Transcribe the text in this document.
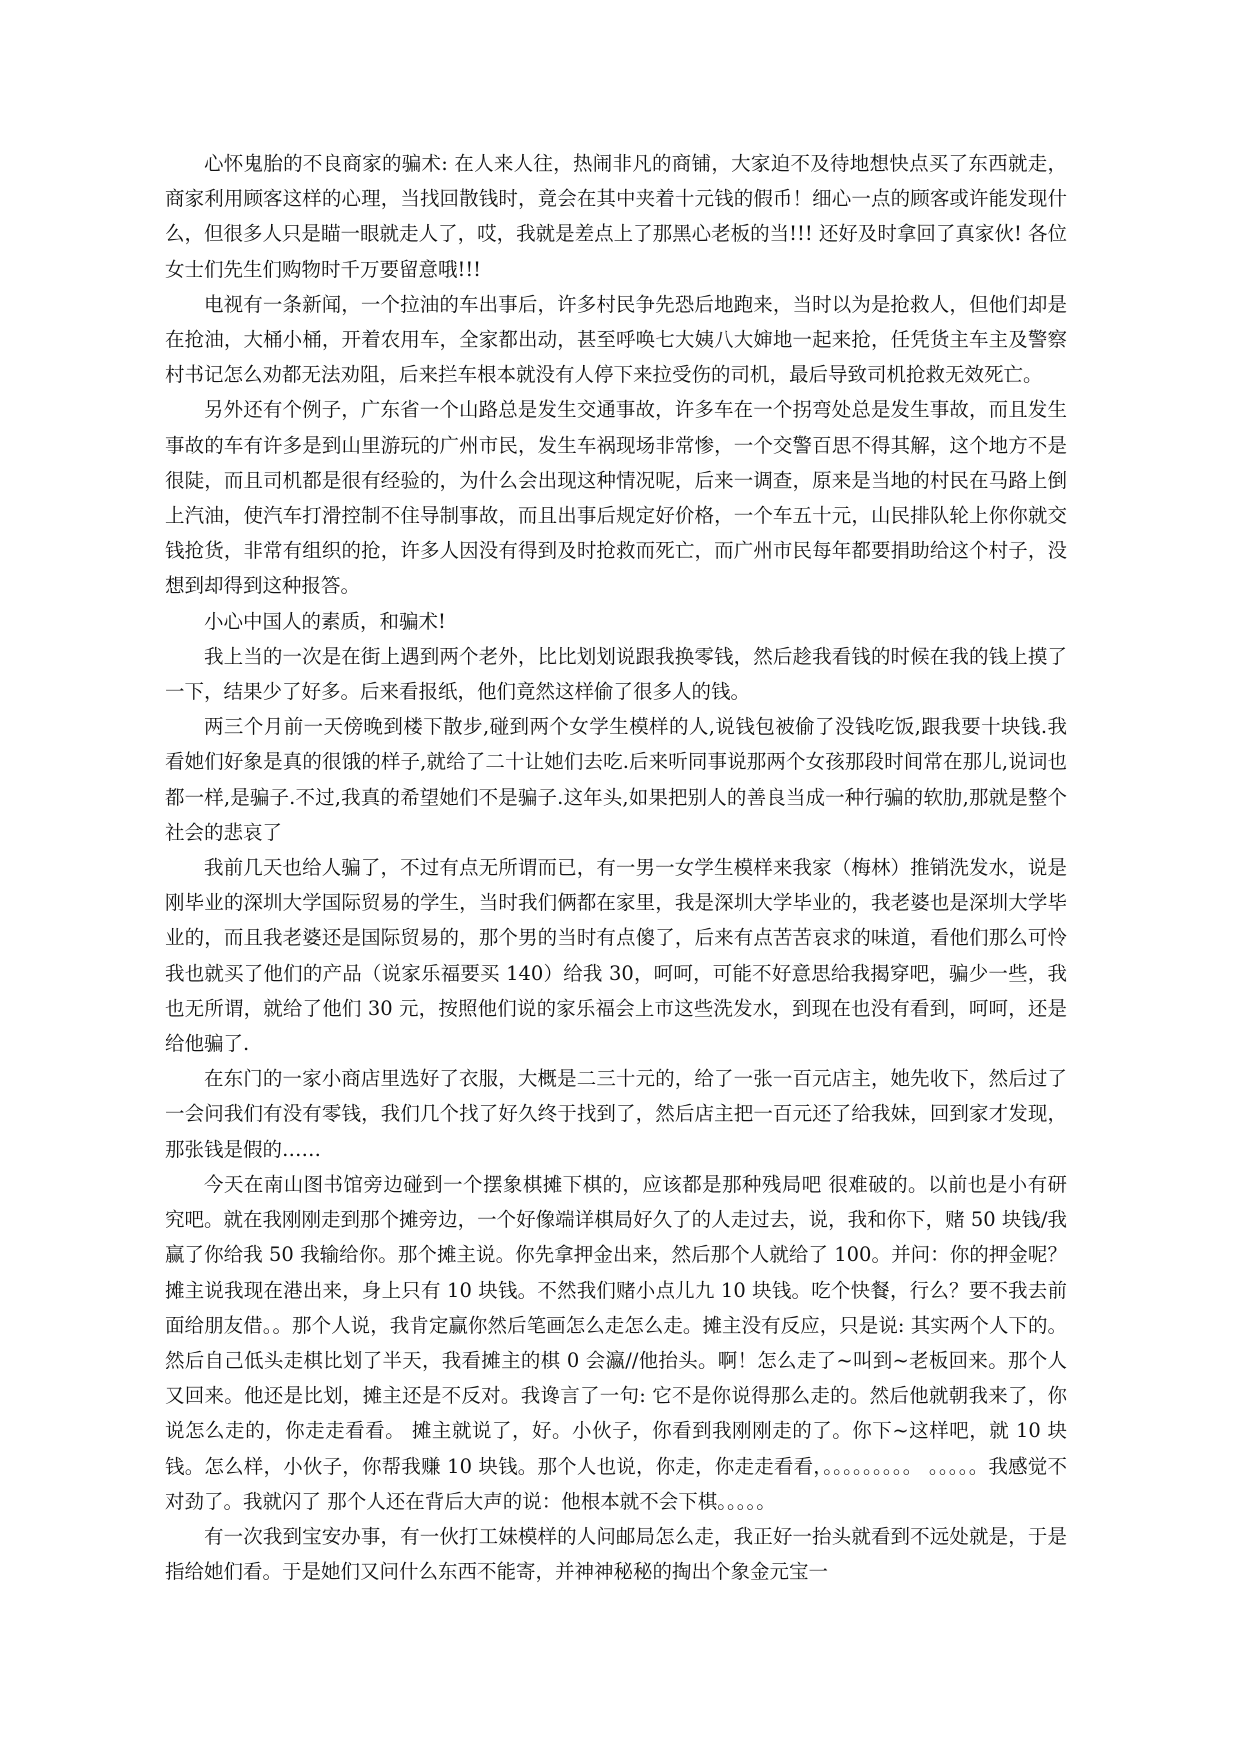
心怀鬼胎的不良商家的骗术: 在人来人往，热闹非凡的商铺，大家迫不及待地想快点买了东西就走，商家利用顾客这样的心理，当找回散钱时，竟会在其中夹着十元钱的假币！细心一点的顾客或许能发现什么，但很多人只是瞄一眼就走人了，哎，我就是差点上了那黑心老板的当!!! 还好及时拿回了真家伙! 各位女士们先生们购物时千万要留意哦!!!

电视有一条新闻，一个拉油的车出事后，许多村民争先恐后地跑来，当时以为是抢救人，但他们却是在抢油，大桶小桶，开着农用车，全家都出动，甚至呼唤七大姨八大婶地一起来抢，任凭货主车主及警察村书记怎么劝都无法劝阻，后来拦车根本就没有人停下来拉受伤的司机，最后导致司机抢救无效死亡。

另外还有个例子，广东省一个山路总是发生交通事故，许多车在一个拐弯处总是发生事故，而且发生事故的车有许多是到山里游玩的广州市民，发生车祸现场非常惨，一个交警百思不得其解，这个地方不是很陡，而且司机都是很有经验的，为什么会出现这种情况呢，后来一调查，原来是当地的村民在马路上倒上汽油，使汽车打滑控制不住导制事故，而且出事后规定好价格，一个车五十元，山民排队轮上你你就交钱抢货，非常有组织的抢，许多人因没有得到及时抢救而死亡，而广州市民每年都要捐助给这个村子，没想到却得到这种报答。

小心中国人的素质，和骗术!

我上当的一次是在街上遇到两个老外，比比划划说跟我换零钱，然后趁我看钱的时候在我的钱上摸了一下，结果少了好多。后来看报纸，他们竟然这样偷了很多人的钱。

两三个月前一天傍晚到楼下散步,碰到两个女学生模样的人,说钱包被偷了没钱吃饭,跟我要十块钱.我看她们好象是真的很饿的样子,就给了二十让她们去吃.后来听同事说那两个女孩那段时间常在那儿,说词也都一样,是骗子.不过,我真的希望她们不是骗子.这年头,如果把别人的善良当成一种行骗的软肋,那就是整个社会的悲哀了

我前几天也给人骗了，不过有点无所谓而已，有一男一女学生模样来我家（梅林）推销洗发水，说是刚毕业的深圳大学国际贸易的学生，当时我们俩都在家里，我是深圳大学毕业的，我老婆也是深圳大学毕业的，而且我老婆还是国际贸易的，那个男的当时有点傻了，后来有点苦苦哀求的味道，看他们那么可怜我也就买了他们的产品（说家乐福要买 140）给我 30，呵呵，可能不好意思给我揭穿吧，骗少一些，我也无所谓，就给了他们 30 元，按照他们说的家乐福会上市这些洗发水，到现在也没有看到，呵呵，还是给他骗了.

在东门的一家小商店里选好了衣服，大概是二三十元的，给了一张一百元店主，她先收下，然后过了一会问我们有没有零钱，我们几个找了好久终于找到了，然后店主把一百元还了给我妹，回到家才发现，那张钱是假的……

今天在南山图书馆旁边碰到一个摆象棋摊下棋的，应该都是那种残局吧 很难破的。以前也是小有研究吧。就在我刚刚走到那个摊旁边，一个好像端详棋局好久了的人走过去，说，我和你下，赌 50 块钱/我赢了你给我 50 我输给你。那个摊主说。你先拿押金出来，然后那个人就给了 100。并问：你的押金呢？摊主说我现在港出来，身上只有 10 块钱。不然我们赌小点儿九 10 块钱。吃个快餐，行么？要不我去前面给朋友借。。那个人说，我肯定赢你然后笔画怎么走怎么走。摊主没有反应，只是说: 其实两个人下的。然后自己低头走棋比划了半天，我看摊主的棋 0 会瀛//他抬头。啊！怎么走了~叫到~老板回来。那个人又回来。他还是比划，摊主还是不反对。我谗言了一句: 它不是你说得那么走的。然后他就朝我来了，你说怎么走的，你走走看看。 摊主就说了，好。小伙子，你看到我刚刚走的了。你下~这样吧，就 10 块钱。怎么样，小伙子，你帮我赚 10 块钱。那个人也说，你走，你走走看看，。。。。。。。。。 。。。。。我感觉不对劲了。我就闪了 那个人还在背后大声的说：他根本就不会下棋。。。。。

有一次我到宝安办事，有一伙打工妹模样的人问邮局怎么走，我正好一抬头就看到不远处就是，于是指给她们看。于是她们又问什么东西不能寄，并神神秘秘的掏出个象金元宝一
